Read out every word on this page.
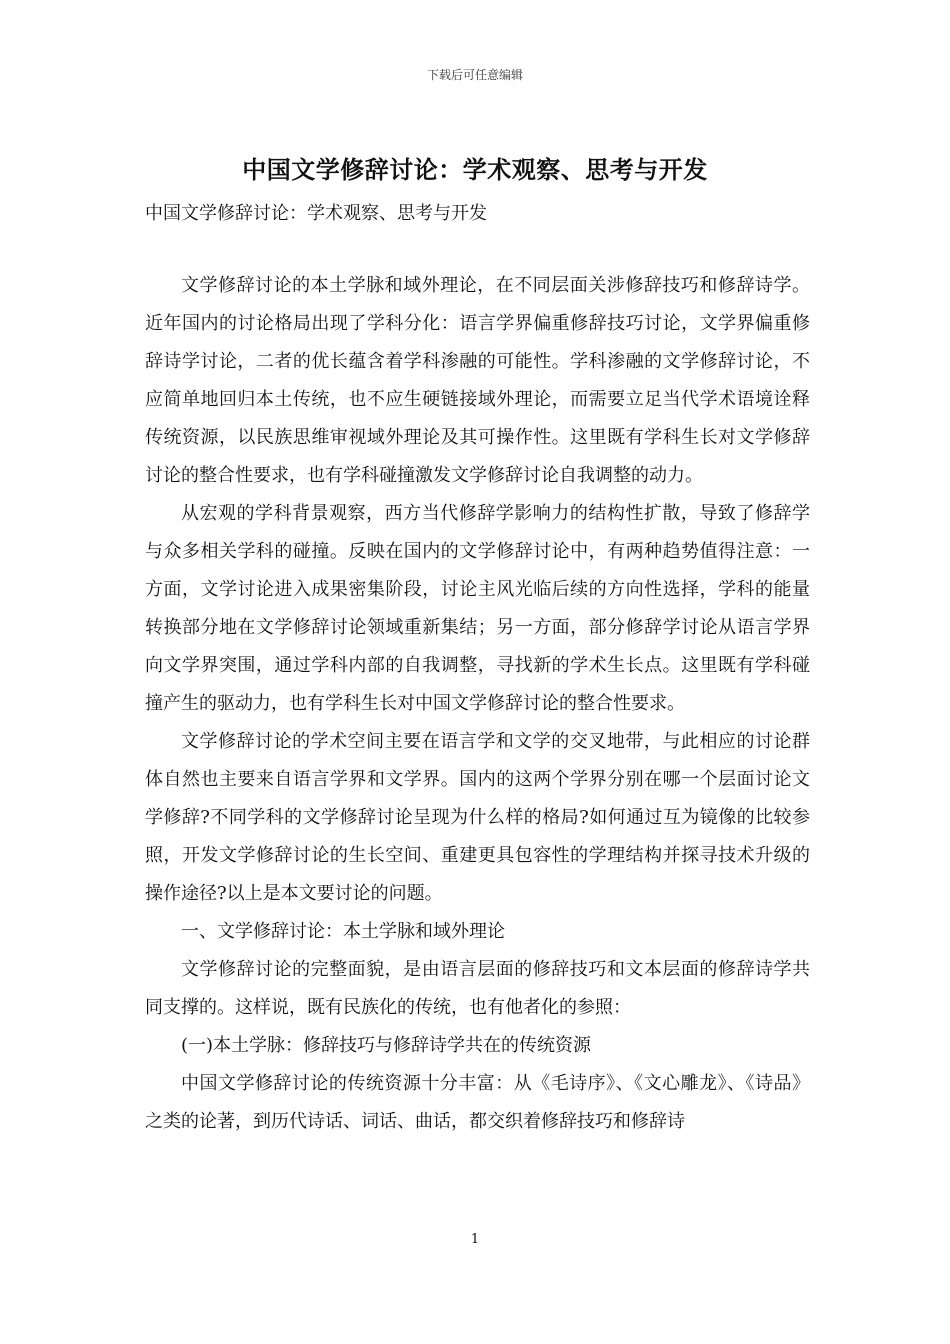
下载后可任意编辑
中国文学修辞讨论：学术观察、思考与开发
中国文学修辞讨论：学术观察、思考与开发

文学修辞讨论的本土学脉和域外理论，在不同层面关涉修辞技巧和修辞诗学。近年国内的讨论格局出现了学科分化：语言学界偏重修辞技巧讨论，文学界偏重修辞诗学讨论，二者的优长蕴含着学科渗融的可能性。学科渗融的文学修辞讨论，不应简单地回归本土传统，也不应生硬链接域外理论，而需要立足当代学术语境诠释传统资源，以民族思维审视域外理论及其可操作性。这里既有学科生长对文学修辞讨论的整合性要求，也有学科碰撞激发文学修辞讨论自我调整的动力。

从宏观的学科背景观察，西方当代修辞学影响力的结构性扩散，导致了修辞学与众多相关学科的碰撞。反映在国内的文学修辞讨论中，有两种趋势值得注意：一方面，文学讨论进入成果密集阶段，讨论主风光临后续的方向性选择，学科的能量转换部分地在文学修辞讨论领域重新集结；另一方面，部分修辞学讨论从语言学界向文学界突围，通过学科内部的自我调整，寻找新的学术生长点。这里既有学科碰撞产生的驱动力，也有学科生长对中国文学修辞讨论的整合性要求。

文学修辞讨论的学术空间主要在语言学和文学的交叉地带，与此相应的讨论群体自然也主要来自语言学界和文学界。国内的这两个学界分别在哪一个层面讨论文学修辞?不同学科的文学修辞讨论呈现为什么样的格局?如何通过互为镜像的比较参照，开发文学修辞讨论的生长空间、重建更具包容性的学理结构并探寻技术升级的操作途径?以上是本文要讨论的问题。

一、文学修辞讨论：本土学脉和域外理论

文学修辞讨论的完整面貌，是由语言层面的修辞技巧和文本层面的修辞诗学共同支撑的。这样说，既有民族化的传统，也有他者化的参照：

(一)本土学脉：修辞技巧与修辞诗学共在的传统资源

中国文学修辞讨论的传统资源十分丰富：从《毛诗序》、《文心雕龙》、《诗品》之类的论著，到历代诗话、词话、曲话，都交织着修辞技巧和修辞诗

1
